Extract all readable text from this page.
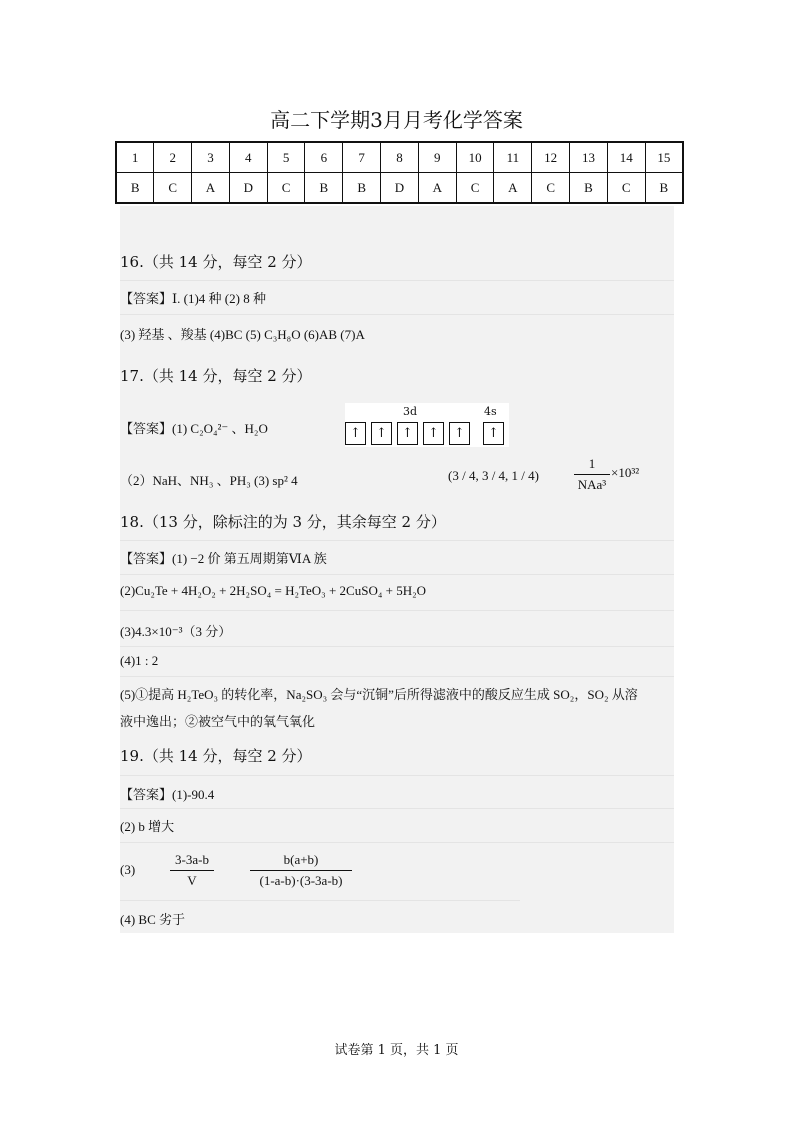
高二下学期3月月考化学答案
1	2	3	4	5	6	7	8	9	10	11	12	13	14	15
B	C	A	D	C	B	B	D	A	C	A	C	B	C	B
16.（共 14 分，每空 2 分）
【答案】Ⅰ. (1)4 种 (2) 8 种
(3) 羟基 、羧基 (4)BC (5) C₃H₈O (6)AB (7)A
17.（共 14 分，每空 2 分）
【答案】(1) C₂O₄²⁻ 、H₂O
3d	4s
↑ ↑ ↑ ↑ ↑ ↑
（2）NaH、NH₃ 、PH₃ (3) sp² 4	(3 / 4, 3 / 4, 1 / 4)
1
NAa³
×10³²
18.（13 分，除标注的为 3 分，其余每空 2 分）
【答案】(1) −2 价 第五周期第ⅥA 族
(2)Cu₂Te + 4H₂O₂ + 2H₂SO₄ = H₂TeO₃ + 2CuSO₄ + 5H₂O
(3)4.3×10⁻³（3 分）
(4)1 : 2
(5)①提高 H₂TeO₃ 的转化率，Na₂SO₃ 会与“沉铜”后所得滤液中的酸反应生成 SO₂，SO₂ 从溶
液中逸出；②被空气中的氧气氧化
19.（共 14 分，每空 2 分）
【答案】(1)-90.4
(2) b 增大
(3)
3-3a-b
V
b(a+b)
(1-a-b)·(3-3a-b)
(4) BC 劣于
试卷第 1 页，共 1 页
